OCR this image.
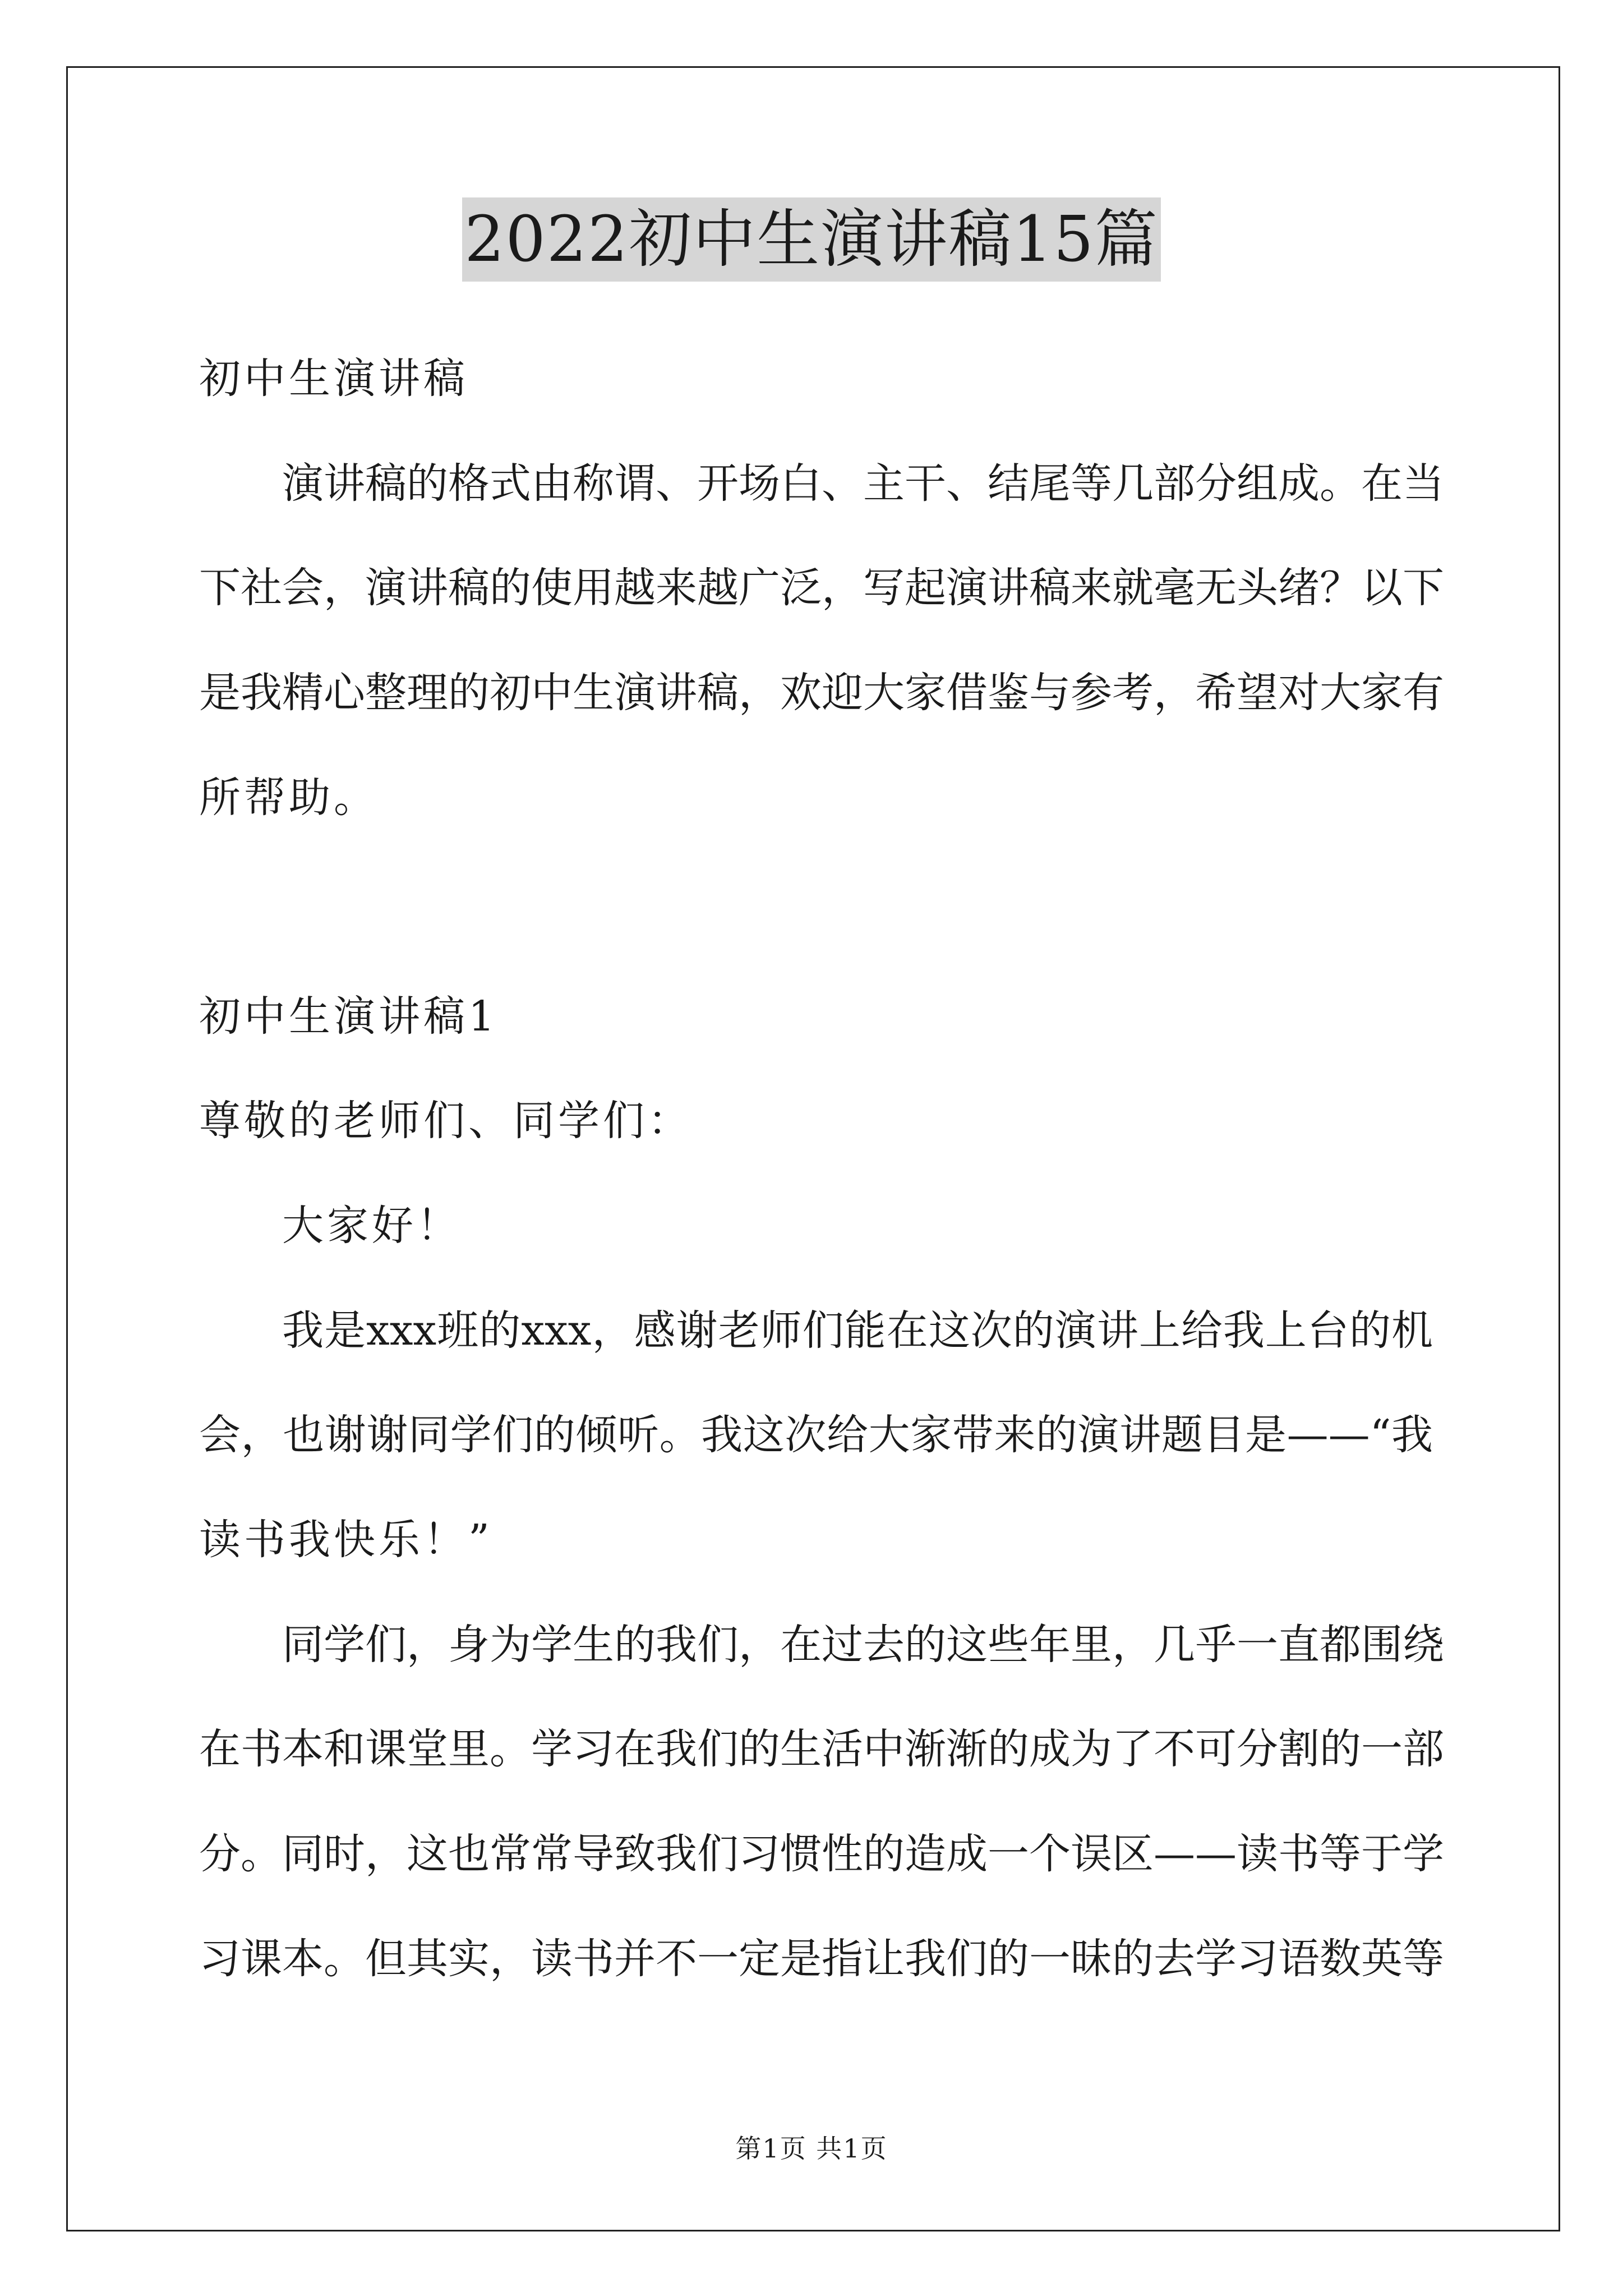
2022初中生演讲稿15篇
初中生演讲稿
演讲稿的格式由称谓、开场白、主干、结尾等几部分组成。在当
下社会，演讲稿的使用越来越广泛，写起演讲稿来就毫无头绪？以下
是我精心整理的初中生演讲稿，欢迎大家借鉴与参考，希望对大家有
所帮助。
初中生演讲稿1
尊敬的老师们、同学们：
大家好！
我是xxx班的xxx，感谢老师们能在这次的演讲上给我上台的机
会，也谢谢同学们的倾听。我这次给大家带来的演讲题目是——“我
读书我快乐！”
同学们，身为学生的我们，在过去的这些年里，几乎一直都围绕
在书本和课堂里。学习在我们的生活中渐渐的成为了不可分割的一部
分。同时，这也常常导致我们习惯性的造成一个误区——读书等于学
习课本。但其实，读书并不一定是指让我们的一昧的去学习语数英等
第1页 共1页
